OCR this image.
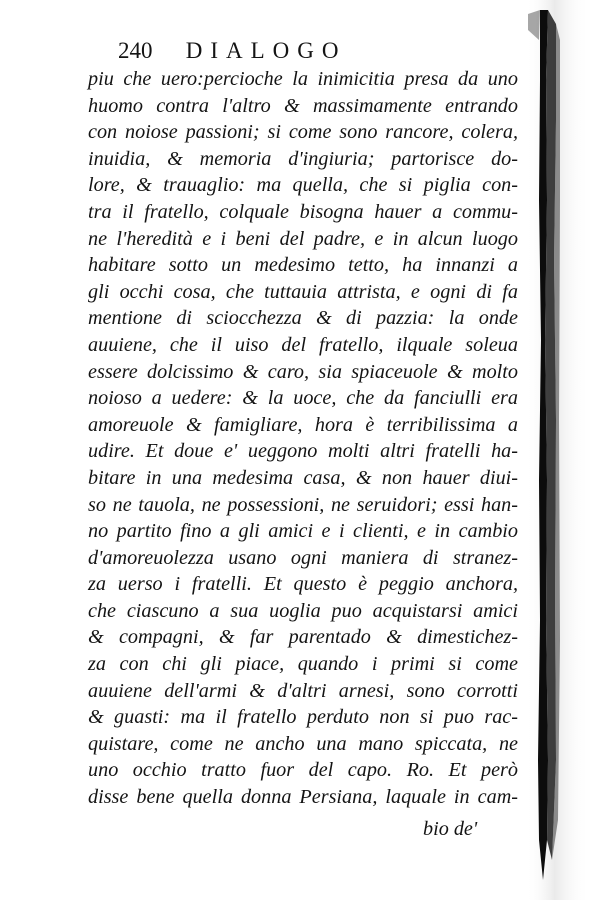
240 DIALOGO
piu che uero:percioche la inimicitia presa da uno
huomo contra l'altro & massimamente entrando
con noiose passioni; si come sono rancore, colera,
inuidia, & memoria d'ingiuria; partorisce do-
lore, & trauaglio: ma quella, che si piglia con-
tra il fratello, colquale bisogna hauer a commu-
ne l'heredità e i beni del padre, e in alcun luogo
habitare sotto un medesimo tetto, ha innanzi a
gli occhi cosa, che tuttauia attrista, e ogni di fa
mentione di sciocchezza & di pazzia: la onde
auuiene, che il uiso del fratello, ilquale soleua
essere dolcissimo & caro, sia spiaceuole & molto
noioso a uedere: & la uoce, che da fanciulli era
amoreuole & famigliare, hora è terribilissima a
udire. Et doue e' ueggono molti altri fratelli ha-
bitare in una medesima casa, & non hauer diui-
so ne tauola, ne possessioni, ne seruidori; essi han-
no partito fino a gli amici e i clienti, e in cambio
d'amoreuolezza usano ogni maniera di stranez-
za uerso i fratelli. Et questo è peggio anchora,
che ciascuno a sua uoglia puo acquistarsi amici
& compagni, & far parentado & dimestichez-
za con chi gli piace, quando i primi si come
auuiene dell'armi & d'altri arnesi, sono corrotti
& guasti: ma il fratello perduto non si puo rac-
quistare, come ne ancho una mano spiccata, ne
uno occhio tratto fuor del capo. Ro. Et però
disse bene quella donna Persiana, laquale in cam-
bio de'
